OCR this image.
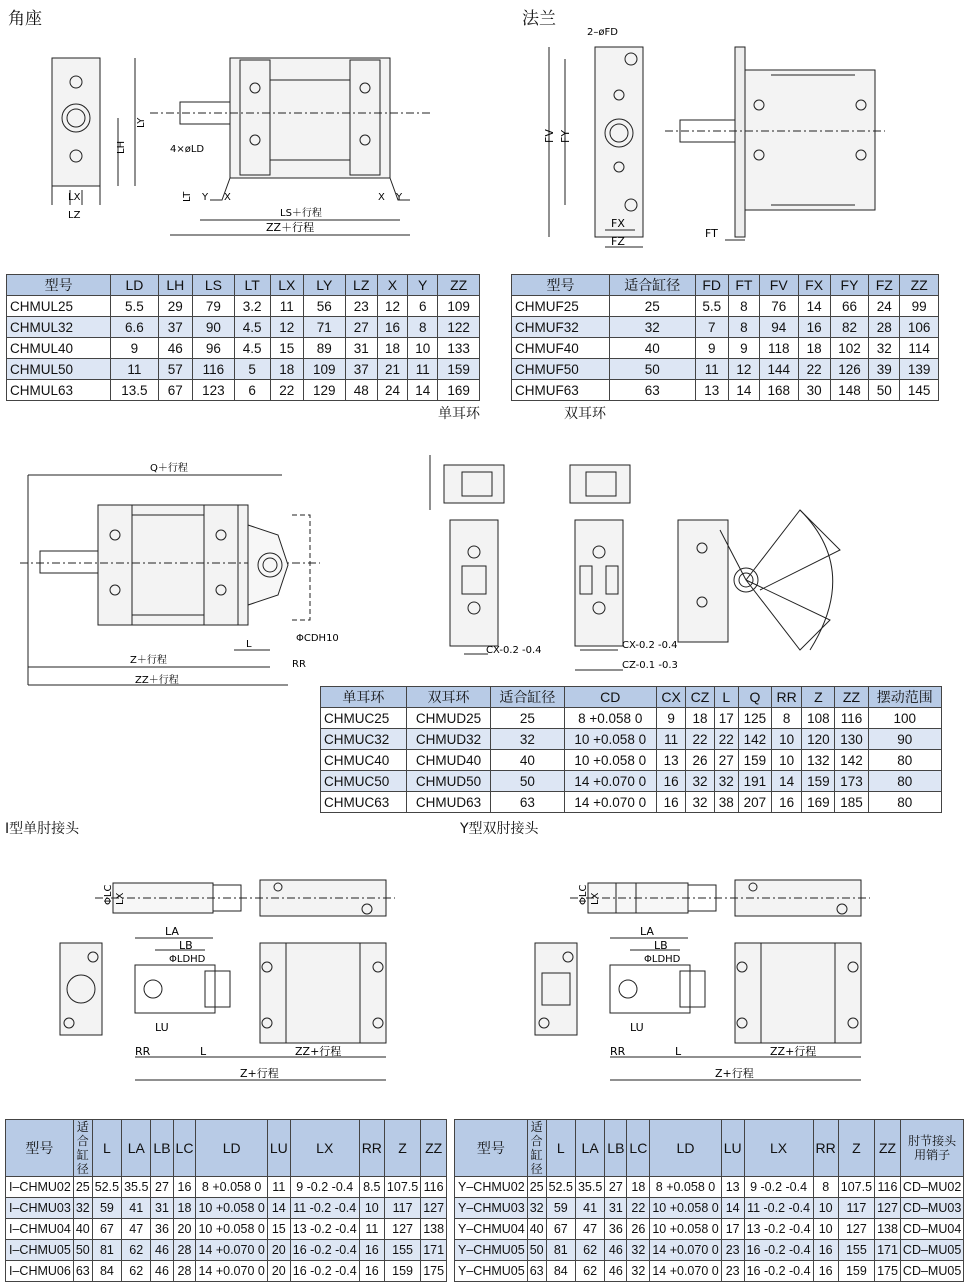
角座	法兰
单耳环	双耳环
I型单肘接头	Y型双肘接头
LY
LH	4×øLD
LT Y X	X Y
LX
LZ	LS＋行程
ZZ＋行程
2–øFD
FV FY
FX
FZ
FT
型号	LD	LH	LS	LT	LX	LY	LZ	X	Y	ZZ
CHMUL25	5.5	29	79	3.2	11	56	23	12	6	109
CHMUL32	6.6	37	90	4.5	12	71	27	16	8	122
CHMUL40	9	46	96	4.5	15	89	31	18	10	133
CHMUL50	11	57	116	5	18	109	37	21	11	159
CHMUL63	13.5	67	123	6	22	129	48	24	14	169
型号	适合缸径	FD	FT	FV	FX	FY	FZ	ZZ
CHMUF25	25	5.5	8	76	14	66	24	99
CHMUF32	32	7	8	94	16	82	28	106
CHMUF40	40	9	9	118	18	102	32	114
CHMUF50	50	11	12	144	22	126	39	139
CHMUF63	63	13	14	168	30	148	50	145
Q＋行程
ΦCDH10
L
Z＋行程	RR
ZZ＋行程
CX-0.2 -0.4	CX-0.2 -0.4
CZ-0.1 -0.3
单耳环	双耳环	适合缸径	CD	CX	CZ	L	Q	RR	Z	ZZ	摆动范围
CHMUC25	CHMUD25	25	8 +0.058 0	9	18	17	125	8	108	116	100
CHMUC32	CHMUD32	32	10 +0.058 0	11	22	22	142	10	120	130	90
CHMUC40	CHMUD40	40	10 +0.058 0	13	26	27	159	10	132	142	80
CHMUC50	CHMUD50	50	14 +0.070 0	16	32	32	191	14	159	173	80
CHMUC63	CHMUD63	63	14 +0.070 0	16	32	38	207	16	169	185	80
ΦLC LX
LA
LB
ΦLDHD
LU
RR	L	ZZ+行程
Z+行程
ΦLC LX
LA
LB
ΦLDHD
LU
RR	L	ZZ+行程
Z+行程
型号	适合缸径	L	LA	LB	LC	LD	LU	LX	RR	Z	ZZ
I–CHMU02	25	52.5	35.5	27	16	8 +0.058 0	11	9 -0.2 -0.4	8.5	107.5	116
I–CHMU03	32	59	41	31	18	10 +0.058 0	14	11 -0.2 -0.4	10	117	127
I–CHMU04	40	67	47	36	20	10 +0.058 0	15	13 -0.2 -0.4	11	127	138
I–CHMU05	50	81	62	46	28	14 +0.070 0	20	16 -0.2 -0.4	16	155	171
I–CHMU06	63	84	62	46	28	14 +0.070 0	20	16 -0.2 -0.4	16	159	175
型号	适合缸径	L	LA	LB	LC	LD	LU	LX	RR	Z	ZZ	肘节接头用销子
Y–CHMU02	25	52.5	35.5	27	18	8 +0.058 0	13	9 -0.2 -0.4	8	107.5	116	CD–MU02
Y–CHMU03	32	59	41	31	22	10 +0.058 0	14	11 -0.2 -0.4	10	117	127	CD–MU03
Y–CHMU04	40	67	47	36	26	10 +0.058 0	17	13 -0.2 -0.4	10	127	138	CD–MU04
Y–CHMU05	50	81	62	46	32	14 +0.070 0	23	16 -0.2 -0.4	16	155	171	CD–MU05
Y–CHMU05	63	84	62	46	32	14 +0.070 0	23	16 -0.2 -0.4	16	159	175	CD–MU05
